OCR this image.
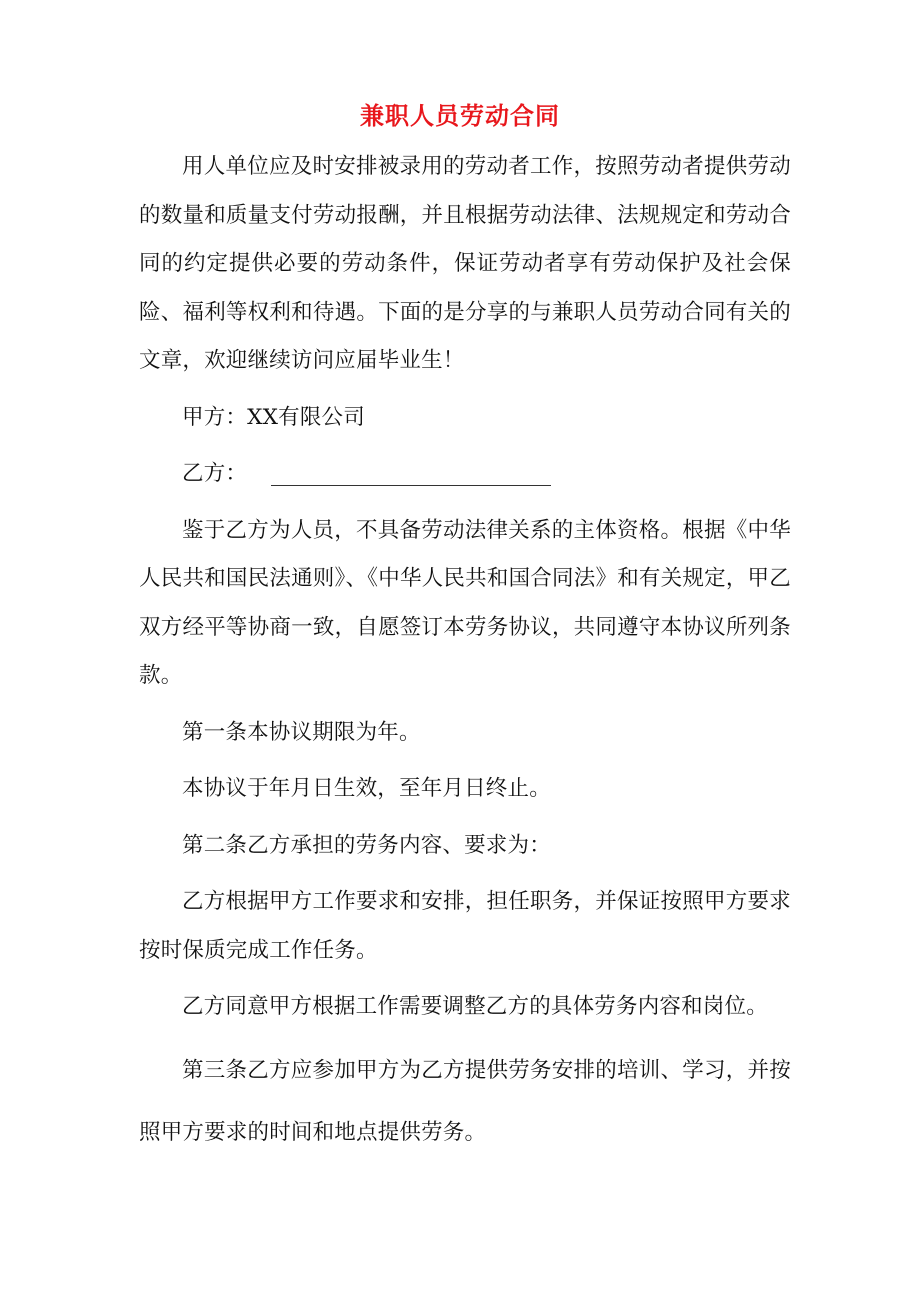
兼职人员劳动合同

用人单位应及时安排被录用的劳动者工作，按照劳动者提供劳动的数量和质量支付劳动报酬，并且根据劳动法律、法规规定和劳动合同的约定提供必要的劳动条件，保证劳动者享有劳动保护及社会保险、福利等权利和待遇。下面的是分享的与兼职人员劳动合同有关的文章，欢迎继续访问应届毕业生！

甲方：XX有限公司

乙方：

鉴于乙方为人员，不具备劳动法律关系的主体资格。根据《中华人民共和国民法通则》、《中华人民共和国合同法》和有关规定，甲乙双方经平等协商一致，自愿签订本劳务协议，共同遵守本协议所列条款。

第一条本协议期限为年。

本协议于年月日生效，至年月日终止。

第二条乙方承担的劳务内容、要求为：

乙方根据甲方工作要求和安排，担任职务，并保证按照甲方要求按时保质完成工作任务。

乙方同意甲方根据工作需要调整乙方的具体劳务内容和岗位。

第三条乙方应参加甲方为乙方提供劳务安排的培训、学习，并按照甲方要求的时间和地点提供劳务。
